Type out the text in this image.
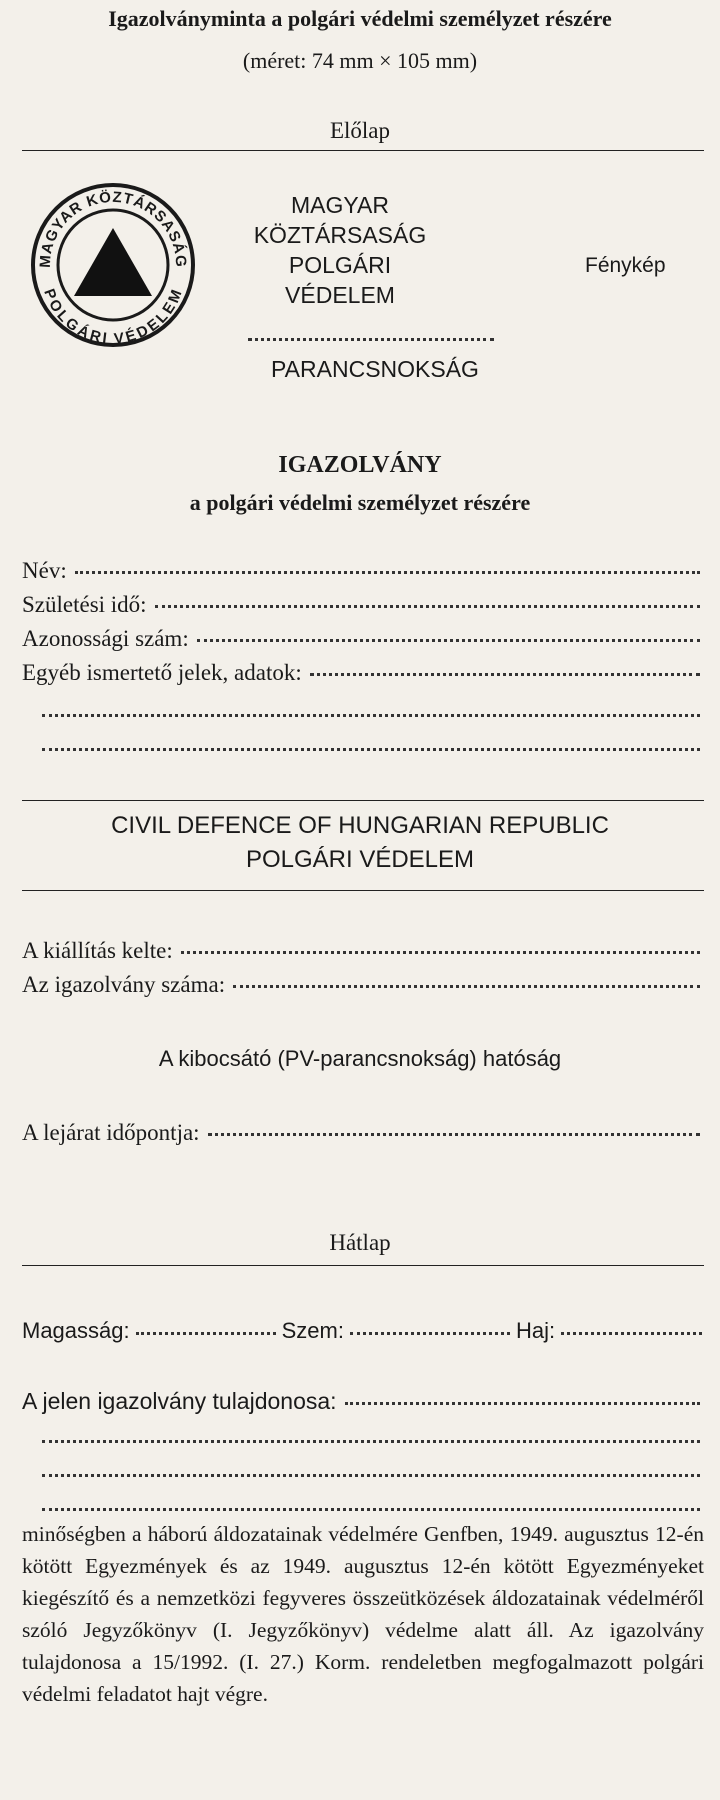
Igazolványminta a polgári védelmi személyzet részére
(méret: 74 mm × 105 mm)
Előlap
MAGYAR KÖZTÁRSASÁG
POLGÁRI VÉDELEM
MAGYAR
KÖZTÁRSASÁG
POLGÁRI
VÉDELEM
Fénykép
PARANCSNOKSÁG
IGAZOLVÁNY
a polgári védelmi személyzet részére
Név:
Születési idő:
Azonossági szám:
Egyéb ismertető jelek, adatok:
CIVIL DEFENCE OF HUNGARIAN REPUBLIC
POLGÁRI VÉDELEM
A kiállítás kelte:
Az igazolvány száma:
A kibocsátó (PV-parancsnokság) hatóság
A lejárat időpontja:
Hátlap
Magasság:	Szem:	Haj:
A jelen igazolvány tulajdonosa:
minőségben a háború áldozatainak védelmére Genfben, 1949. augusztus 12-én kötött Egyezmények és az 1949. augusztus 12-én kötött Egyezményeket kiegészítő és a nemzetközi fegyveres összeütközések áldozatainak védelméről szóló Jegyzőkönyv (I. Jegyzőkönyv) védelme alatt áll. Az igazolvány tulajdonosa a 15/1992. (I. 27.) Korm. rendeletben megfogalmazott polgári védelmi feladatot hajt végre.
